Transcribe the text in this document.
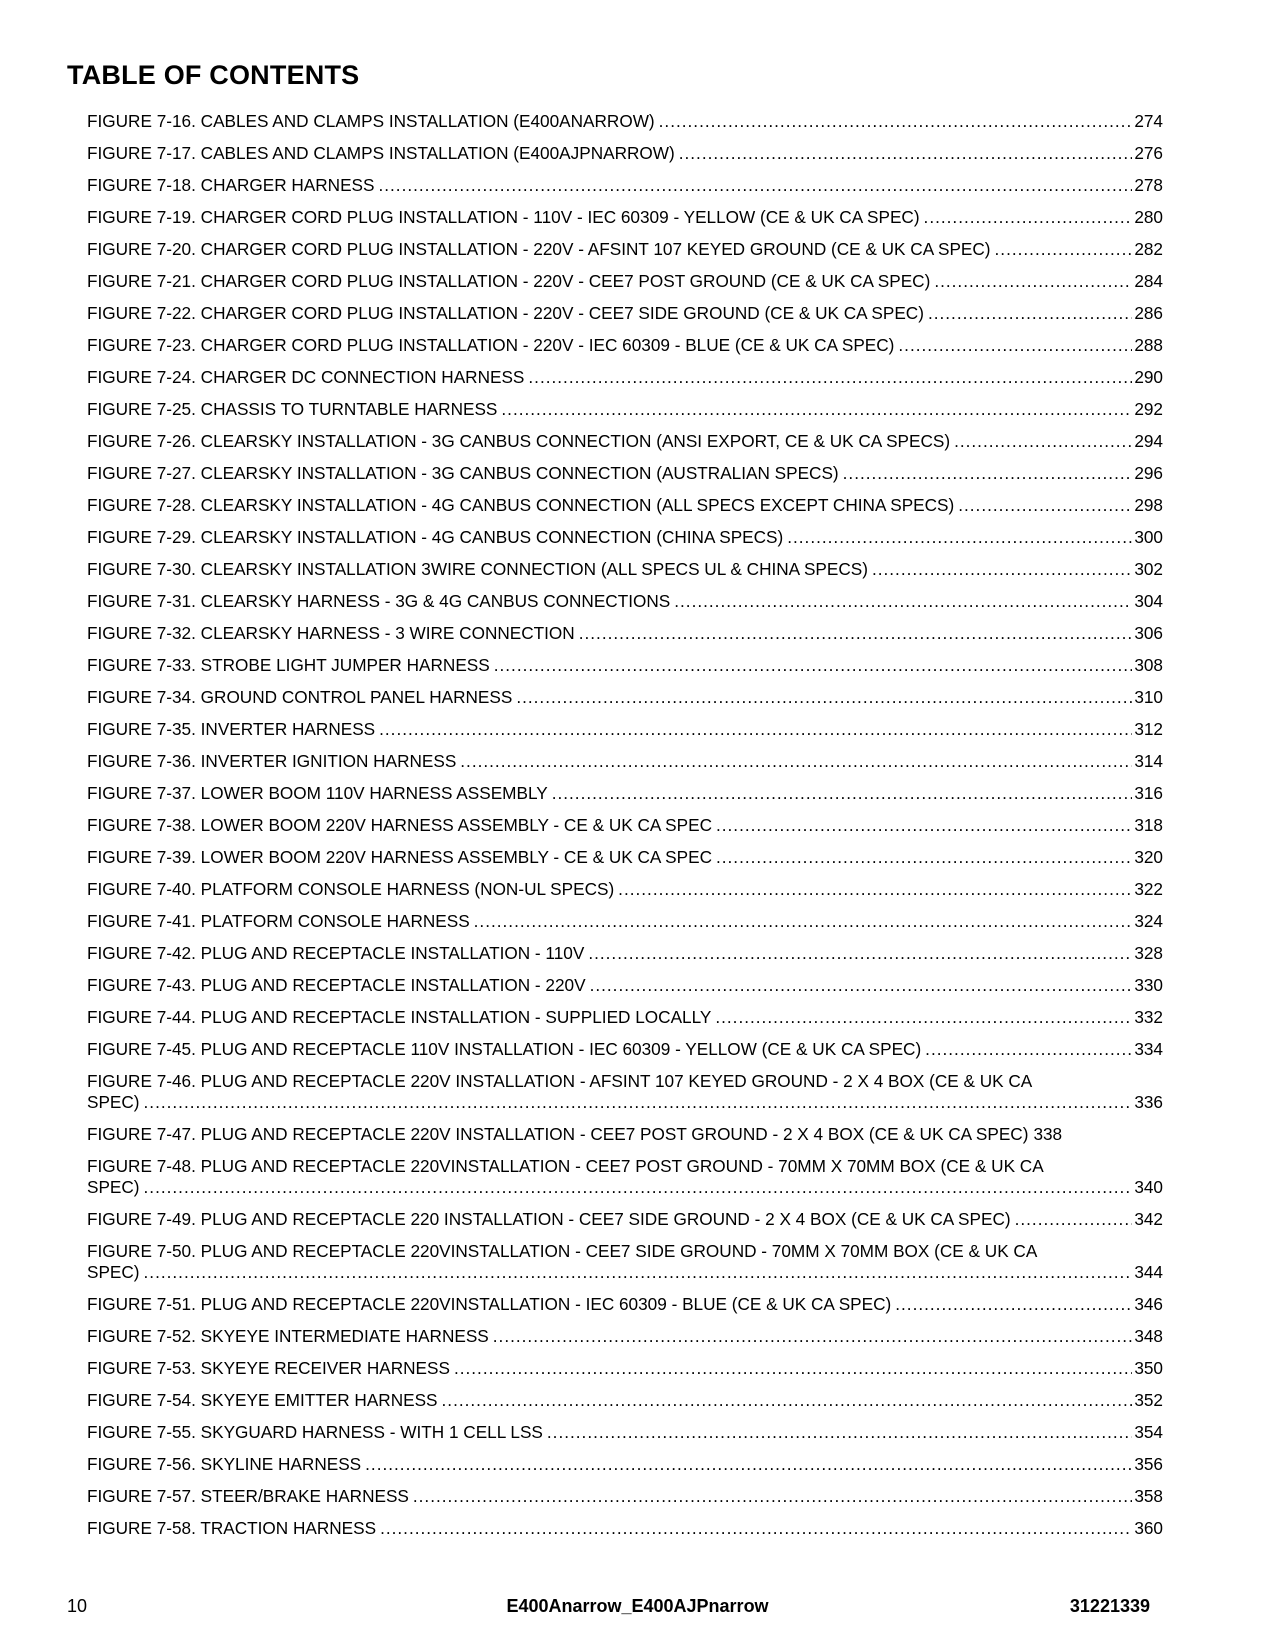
TABLE OF CONTENTS
FIGURE 7-16. CABLES AND CLAMPS INSTALLATION (E400ANARROW) .....	274
FIGURE 7-17. CABLES AND CLAMPS INSTALLATION (E400AJPNARROW) .....	276
FIGURE 7-18. CHARGER HARNESS .....	278
FIGURE 7-19. CHARGER CORD PLUG INSTALLATION - 110V - IEC 60309 - YELLOW (CE & UK CA SPEC) .....	280
FIGURE 7-20. CHARGER CORD PLUG INSTALLATION - 220V - AFSINT 107 KEYED GROUND (CE & UK CA SPEC) .....	282
FIGURE 7-21. CHARGER CORD PLUG INSTALLATION - 220V - CEE7 POST GROUND (CE & UK CA SPEC) .....	284
FIGURE 7-22. CHARGER CORD PLUG INSTALLATION - 220V - CEE7 SIDE GROUND (CE & UK CA SPEC) .....	286
FIGURE 7-23. CHARGER CORD PLUG INSTALLATION - 220V - IEC 60309 - BLUE (CE & UK CA SPEC) .....	288
FIGURE 7-24. CHARGER DC CONNECTION HARNESS .....	290
FIGURE 7-25. CHASSIS TO TURNTABLE HARNESS .....	292
FIGURE 7-26. CLEARSKY INSTALLATION - 3G CANBUS CONNECTION (ANSI EXPORT, CE & UK CA SPECS) .....	294
FIGURE 7-27. CLEARSKY INSTALLATION - 3G CANBUS CONNECTION (AUSTRALIAN SPECS) .....	296
FIGURE 7-28. CLEARSKY INSTALLATION - 4G CANBUS CONNECTION (ALL SPECS EXCEPT CHINA SPECS) .....	298
FIGURE 7-29. CLEARSKY INSTALLATION - 4G CANBUS CONNECTION (CHINA SPECS) .....	300
FIGURE 7-30. CLEARSKY INSTALLATION 3WIRE CONNECTION (ALL SPECS UL & CHINA SPECS) .....	302
FIGURE 7-31. CLEARSKY HARNESS - 3G & 4G CANBUS CONNECTIONS .....	304
FIGURE 7-32. CLEARSKY HARNESS - 3 WIRE CONNECTION .....	306
FIGURE 7-33. STROBE LIGHT JUMPER HARNESS .....	308
FIGURE 7-34. GROUND CONTROL PANEL HARNESS .....	310
FIGURE 7-35. INVERTER HARNESS .....	312
FIGURE 7-36. INVERTER IGNITION HARNESS .....	314
FIGURE 7-37. LOWER BOOM 110V HARNESS ASSEMBLY .....	316
FIGURE 7-38. LOWER BOOM 220V HARNESS ASSEMBLY - CE & UK CA SPEC .....	318
FIGURE 7-39. LOWER BOOM 220V HARNESS ASSEMBLY - CE & UK CA SPEC .....	320
FIGURE 7-40. PLATFORM CONSOLE HARNESS (NON-UL SPECS) .....	322
FIGURE 7-41. PLATFORM CONSOLE HARNESS .....	324
FIGURE 7-42. PLUG AND RECEPTACLE INSTALLATION - 110V .....	328
FIGURE 7-43. PLUG AND RECEPTACLE INSTALLATION - 220V .....	330
FIGURE 7-44. PLUG AND RECEPTACLE INSTALLATION - SUPPLIED LOCALLY .....	332
FIGURE 7-45. PLUG AND RECEPTACLE 110V INSTALLATION - IEC 60309 - YELLOW (CE & UK CA SPEC) .....	334
FIGURE 7-46. PLUG AND RECEPTACLE 220V INSTALLATION - AFSINT 107 KEYED GROUND - 2 X 4 BOX (CE & UK CA
SPEC) .....	336
FIGURE 7-47. PLUG AND RECEPTACLE 220V INSTALLATION - CEE7 POST GROUND - 2 X 4 BOX (CE & UK CA SPEC) 338
FIGURE 7-48. PLUG AND RECEPTACLE 220VINSTALLATION - CEE7 POST GROUND - 70MM X 70MM BOX (CE & UK CA
SPEC) .....	340
FIGURE 7-49. PLUG AND RECEPTACLE 220 INSTALLATION - CEE7 SIDE GROUND - 2 X 4 BOX (CE & UK CA SPEC) .....	342
FIGURE 7-50. PLUG AND RECEPTACLE 220VINSTALLATION - CEE7 SIDE GROUND - 70MM X 70MM BOX (CE & UK CA
SPEC) .....	344
FIGURE 7-51. PLUG AND RECEPTACLE 220VINSTALLATION - IEC 60309 - BLUE (CE & UK CA SPEC) .....	346
FIGURE 7-52. SKYEYE INTERMEDIATE HARNESS .....	348
FIGURE 7-53. SKYEYE RECEIVER HARNESS .....	350
FIGURE 7-54. SKYEYE EMITTER HARNESS .....	352
FIGURE 7-55. SKYGUARD HARNESS - WITH 1 CELL LSS .....	354
FIGURE 7-56. SKYLINE HARNESS .....	356
FIGURE 7-57. STEER/BRAKE HARNESS .....	358
FIGURE 7-58. TRACTION HARNESS .....	360
10	E400Anarrow_E400AJPnarrow	31221339
